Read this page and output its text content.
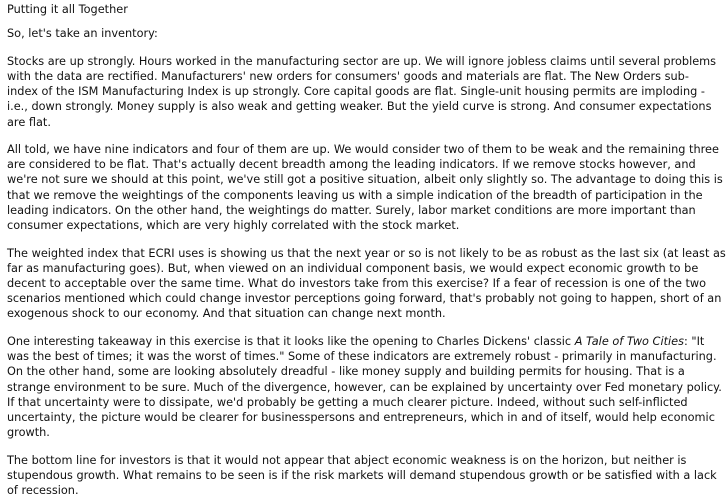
Putting it all Together
So, let's take an inventory:
Stocks are up strongly. Hours worked in the manufacturing sector are up. We will ignore jobless claims until several problems
with the data are rectified. Manufacturers' new orders for consumers' goods and materials are flat. The New Orders sub-
index of the ISM Manufacturing Index is up strongly. Core capital goods are flat. Single-unit housing permits are imploding -
i.e., down strongly. Money supply is also weak and getting weaker. But the yield curve is strong. And consumer expectations
are flat.
All told, we have nine indicators and four of them are up. We would consider two of them to be weak and the remaining three
are considered to be flat. That's actually decent breadth among the leading indicators. If we remove stocks however, and
we're not sure we should at this point, we've still got a positive situation, albeit only slightly so. The advantage to doing this is
that we remove the weightings of the components leaving us with a simple indication of the breadth of participation in the
leading indicators. On the other hand, the weightings do matter. Surely, labor market conditions are more important than
consumer expectations, which are very highly correlated with the stock market.
The weighted index that ECRI uses is showing us that the next year or so is not likely to be as robust as the last six (at least as
far as manufacturing goes). But, when viewed on an individual component basis, we would expect economic growth to be
decent to acceptable over the same time. What do investors take from this exercise? If a fear of recession is one of the two
scenarios mentioned which could change investor perceptions going forward, that's probably not going to happen, short of an
exogenous shock to our economy. And that situation can change next month.
One interesting takeaway in this exercise is that it looks like the opening to Charles Dickens' classic A Tale of Two Cities: "It
was the best of times; it was the worst of times." Some of these indicators are extremely robust - primarily in manufacturing.
On the other hand, some are looking absolutely dreadful - like money supply and building permits for housing. That is a
strange environment to be sure. Much of the divergence, however, can be explained by uncertainty over Fed monetary policy.
If that uncertainty were to dissipate, we'd probably be getting a much clearer picture. Indeed, without such self-inflicted
uncertainty, the picture would be clearer for businesspersons and entrepreneurs, which in and of itself, would help economic
growth.
The bottom line for investors is that it would not appear that abject economic weakness is on the horizon, but neither is
stupendous growth. What remains to be seen is if the risk markets will demand stupendous growth or be satisfied with a lack
of recession.
